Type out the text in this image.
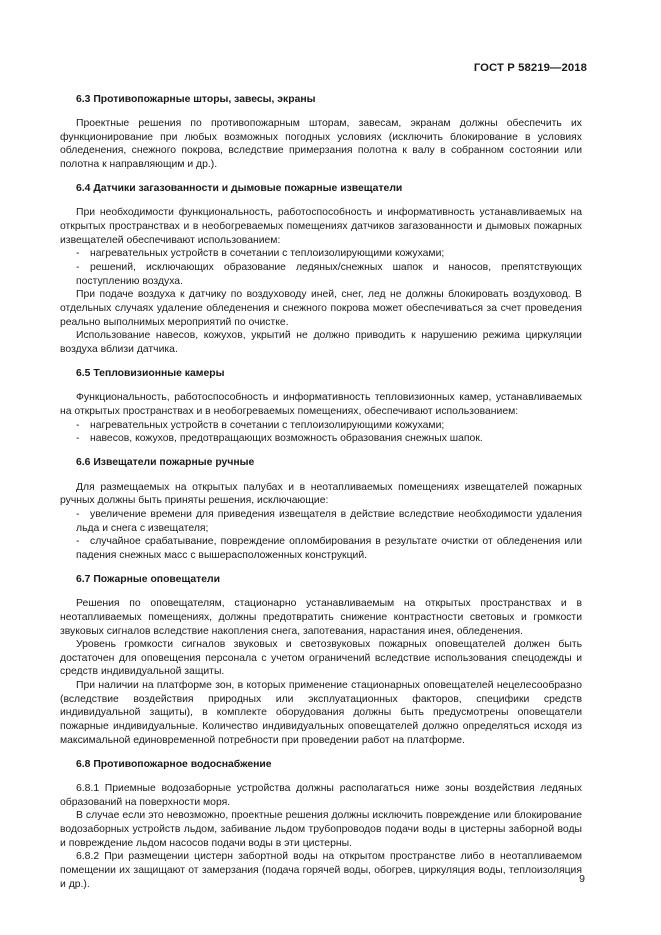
ГОСТ Р 58219—2018
6.3 Противопожарные шторы, завесы, экраны

Проектные решения по противопожарным шторам, завесам, экранам должны обеспечить их функционирование при любых возможных погодных условиях (исключить блокирование в условиях обледенения, снежного покрова, вследствие примерзания полотна к валу в собранном состоянии или полотна к направляющим и др.).

6.4 Датчики загазованности и дымовые пожарные извещатели

При необходимости функциональность, работоспособность и информативность устанавливаемых на открытых пространствах и в необогреваемых помещениях датчиков загазованности и дымовых пожарных извещателей обеспечивают использованием:

- нагревательных устройств в сочетании с теплоизолирующими кожухами;

- решений, исключающих образование ледяных/снежных шапок и наносов, препятствующих поступлению воздуха.

При подаче воздуха к датчику по воздуховоду иней, снег, лед не должны блокировать воздуховод. В отдельных случаях удаление обледенения и снежного покрова может обеспечиваться за счет проведения реально выполнимых мероприятий по очистке.

Использование навесов, кожухов, укрытий не должно приводить к нарушению режима циркуляции воздуха вблизи датчика.

6.5 Тепловизионные камеры

Функциональность, работоспособность и информативность тепловизионных камер, устанавливаемых на открытых пространствах и в необогреваемых помещениях, обеспечивают использованием:

- нагревательных устройств в сочетании с теплоизолирующими кожухами;

- навесов, кожухов, предотвращающих возможность образования снежных шапок.

6.6 Извещатели пожарные ручные

Для размещаемых на открытых палубах и в неотапливаемых помещениях извещателей пожарных ручных должны быть приняты решения, исключающие:

- увеличение времени для приведения извещателя в действие вследствие необходимости удаления льда и снега с извещателя;

- случайное срабатывание, повреждение опломбирования в результате очистки от обледенения или падения снежных масс с вышерасположенных конструкций.

6.7 Пожарные оповещатели

Решения по оповещателям, стационарно устанавливаемым на открытых пространствах и в неотапливаемых помещениях, должны предотвратить снижение контрастности световых и громкости звуковых сигналов вследствие накопления снега, запотевания, нарастания инея, обледенения.

Уровень громкости сигналов звуковых и светозвуковых пожарных оповещателей должен быть достаточен для оповещения персонала с учетом ограничений вследствие использования спецодежды и средств индивидуальной защиты.

При наличии на платформе зон, в которых применение стационарных оповещателей нецелесообразно (вследствие воздействия природных или эксплуатационных факторов, специфики средств индивидуальной защиты), в комплекте оборудования должны быть предусмотрены оповещатели пожарные индивидуальные. Количество индивидуальных оповещателей должно определяться исходя из максимальной единовременной потребности при проведении работ на платформе.

6.8 Противопожарное водоснабжение

6.8.1 Приемные водозаборные устройства должны располагаться ниже зоны воздействия ледяных образований на поверхности моря.

В случае если это невозможно, проектные решения должны исключить повреждение или блокирование водозаборных устройств льдом, забивание льдом трубопроводов подачи воды в цистерны заборной воды и повреждение льдом насосов подачи воды в эти цистерны.

6.8.2 При размещении цистерн забортной воды на открытом пространстве либо в неотапливаемом помещении их защищают от замерзания (подача горячей воды, обогрев, циркуляция воды, теплоизоляция и др.).	9
